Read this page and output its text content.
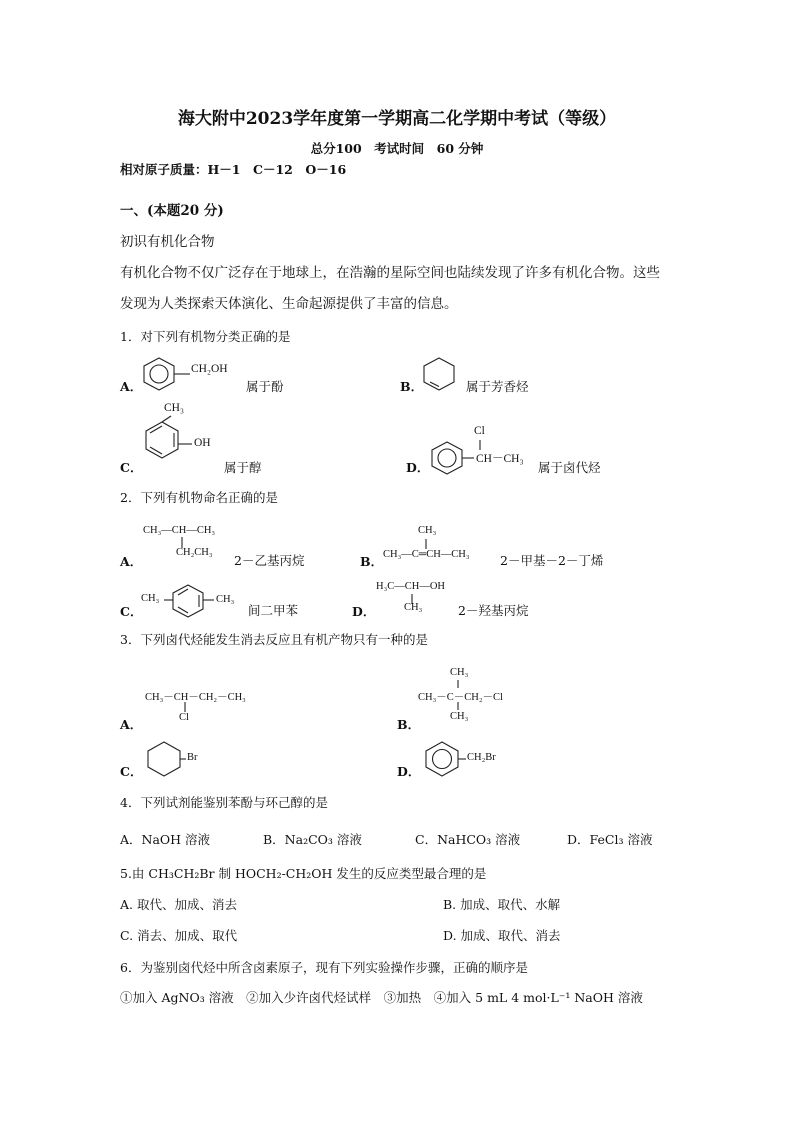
海大附中2023学年度第一学期高二化学期中考试（等级）
总分100　考试时间　60 分钟
相对原子质量：H－1　C－12　O－16
一、(本题20 分)
初识有机化合物
有机化合物不仅广泛存在于地球上，在浩瀚的星际空间也陆续发现了许多有机化合物。这些
发现为人类探索天体演化、生命起源提供了丰富的信息。
1．对下列有机物分类正确的是
A．
CH₂OH
属于酚	B．	属于芳香烃
CH₃
OH
C．	属于醇	D．
Cl
CH－CH₃
属于卤代烃
2．下列有机物命名正确的是
CH₃—CH—CH₃
CH₂CH₃
A．	2－乙基丙烷
CH₃
B． CH₃—C═CH—CH₃ 2－甲基－2－丁烯
C．
CH₃	CH₃
间二甲苯
H₃C—CH—OH
CH₃
D．	2－羟基丙烷
3．下列卤代烃能发生消去反应且有机产物只有一种的是
CH₃－CH－CH₂－CH₃
Cl
A．
CH₃
CH₃－C－CH₂－Cl
CH₃
B．
C．
Br
D．
CH₂Br
4．下列试剂能鉴别苯酚与环己醇的是
A．NaOH 溶液	B．Na₂CO₃ 溶液	C．NaHCO₃ 溶液	D．FeCl₃ 溶液
5.由 CH₃CH₂Br 制 HOCH₂-CH₂OH 发生的反应类型最合理的是
A. 取代、加成、消去	B. 加成、取代、水解
C. 消去、加成、取代	D. 加成、取代、消去
6．为鉴别卤代烃中所含卤素原子，现有下列实验操作步骤，正确的顺序是
①加入 AgNO₃ 溶液　②加入少许卤代烃试样　③加热　④加入 5 mL 4 mol·L⁻¹ NaOH 溶液
